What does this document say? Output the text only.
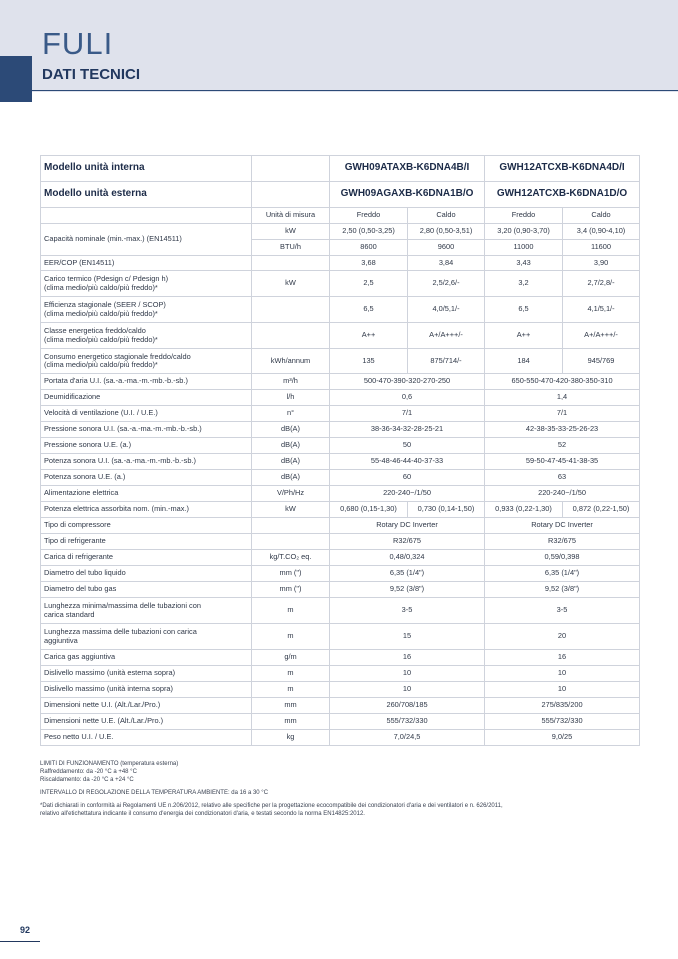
FULI
DATI TECNICI
Modello unità interna		GWH09ATAXB-K6DNA4B/I		GWH12ATCXB-K6DNA4D/I	
Modello unità esterna		GWH09AGAXB-K6DNA1B/O		GWH12ATCXB-K6DNA1D/O	
	Unità di misura	Freddo	Caldo	Freddo	Caldo
Capacità nominale (min.-max.) (EN14511)	kW	2,50 (0,50-3,25)	2,80 (0,50-3,51)	3,20 (0,90-3,70)	3,4 (0,90-4,10)
	BTU/h	8600	9600	11000	11600
EER/COP (EN14511)		3,68	3,84	3,43	3,90
Carico termico (Pdesign c/ Pdesign h)
(clima medio/più caldo/più freddo)*	kW	2,5	2,5/2,6/-	3,2	2,7/2,8/-
Efficienza stagionale (SEER / SCOP)
(clima medio/più caldo/più freddo)*		6,5	4,0/5,1/-	6,5	4,1/5,1/-
Classe energetica freddo/caldo
(clima medio/più caldo/più freddo)*		A++	A+/A+++/-	A++	A+/A+++/-
Consumo energetico stagionale freddo/caldo
(clima medio/più caldo/più freddo)*	kWh/annum	135	875/714/-	184	945/769
Portata d'aria U.I. (sa.-a.-ma.-m.-mb.-b.-sb.)	m³/h	500-470-390-320-270-250		650-550-470-420-380-350-310	
Deumidificazione	l/h	0,6		1,4	
Velocità di ventilazione (U.I. / U.E.)	n°	7/1		7/1	
Pressione sonora U.I. (sa.-a.-ma.-m.-mb.-b.-sb.)	dB(A)	38-36-34-32-28-25-21		42-38-35-33-25-26-23	
Pressione sonora U.E. (a.)	dB(A)	50		52	
Potenza sonora U.I. (sa.-a.-ma.-m.-mb.-b.-sb.)	dB(A)	55-48-46-44-40-37-33		59-50-47-45-41-38-35	
Potenza sonora U.E. (a.)	dB(A)	60		63	
Alimentazione elettrica	V/Ph/Hz	220-240~/1/50		220-240~/1/50	
Potenza elettrica assorbita nom. (min.-max.)	kW	0,680 (0,15-1,30)	0,730 (0,14-1,50)	0,933 (0,22-1,30)	0,872 (0,22-1,50)
Tipo di compressore		Rotary DC Inverter		Rotary DC Inverter	
Tipo di refrigerante		R32/675		R32/675	
Carica di refrigerante	kg/T.CO₂ eq.	0,48/0,324		0,59/0,398	
Diametro del tubo liquido	mm (")	6,35 (1/4")		6,35 (1/4")	
Diametro del tubo gas	mm (")	9,52 (3/8")		9,52 (3/8")	
Lunghezza minima/massima delle tubazioni con
carica standard	m	3-5		3-5	
Lunghezza massima delle tubazioni con carica
aggiuntiva	m	15		20	
Carica gas aggiuntiva	g/m	16		16	
Dislivello massimo (unità esterna sopra)	m	10		10	
Dislivello massimo (unità interna sopra)	m	10		10	
Dimensioni nette U.I. (Alt./Lar./Pro.)	mm	260/708/185		275/835/200	
Dimensioni nette U.E. (Alt./Lar./Pro.)	mm	555/732/330		555/732/330	
Peso netto U.I. / U.E.	kg	7,0/24,5		9,0/25	

LIMITI DI FUNZIONAMENTO (temperatura esterna)
Raffreddamento: da -20 °C a +48 °C
Riscaldamento: da -20 °C a +24 °C

INTERVALLO DI REGOLAZIONE DELLA TEMPERATURA AMBIENTE: da 16 a 30 °C

*Dati dichiarati in conformità ai Regolamenti UE n.206/2012, relativo alle specifiche per la progettazione ecocompatibile dei condizionatori d'aria e dei ventilatori e n. 626/2011,
relativo all'etichettatura indicante il consumo d'energia dei condizionatori d'aria, e testati secondo la norma EN14825:2012.

92
